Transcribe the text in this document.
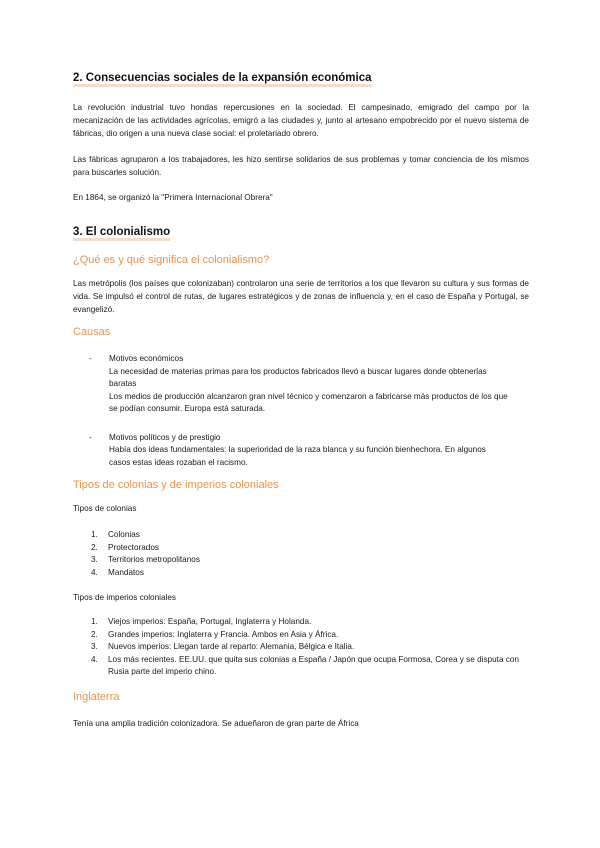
2. Consecuencias sociales de la expansión económica

La revolución industrial tuvo hondas repercusiones en la sociedad. El campesinado, emigrado del campo por la mecanización de las actividades agrícolas, emigró a las ciudades y, junto al artesano empobrecido por el nuevo sistema de fábricas, dio origen a una nueva clase social: el proletariado obrero.

Las fábricas agruparon a los trabajadores, les hizo sentirse solidarios de sus problemas y tomar conciencia de los mismos para buscarles solución.

En 1864, se organizó la "Primera Internacional Obrera"

3. El colonialismo
¿Qué es y qué significa el colonialismo?

Las metrópolis (los países que colonizaban) controlaron una serie de territorios a los que llevaron su cultura y sus formas de vida. Se impulsó el control de rutas, de lugares estratégicos y de zonas de influencia y, en el caso de España y Portugal, se evangelizó.

Causas
- Motivos económicos
La necesidad de materias primas para los productos fabricados llevó a buscar lugares donde obtenerlas baratas
Los medios de producción alcanzaron gran nivel técnico y comenzaron a fabricarse más productos de los que se podían consumir. Europa está saturada.
- Motivos políticos y de prestigio
Había dos ideas fundamentales: la superioridad de la raza blanca y su función bienhechora. En algunos casos estas ideas rozaban el racismo.
Tipos de colonias y de imperios coloniales
Tipos de colonias
1. Colonias
2. Protectorados
3. Territorios metropolitanos
4. Mandatos
Tipos de imperios coloniales
1. Viejos imperios: España, Portugal, Inglaterra y Holanda.
2. Grandes imperios: Inglaterra y Francia. Ambos en Asia y África.
3. Nuevos imperios: Llegan tarde al reparto: Alemania, Bélgica e Italia.
4. Los más recientes. EE.UU. que quita sus colonias a España / Japón que ocupa Formosa, Corea y se disputa con Rusia parte del imperio chino.
Inglaterra

Tenía una amplia tradición colonizadora. Se adueñaron de gran parte de África
